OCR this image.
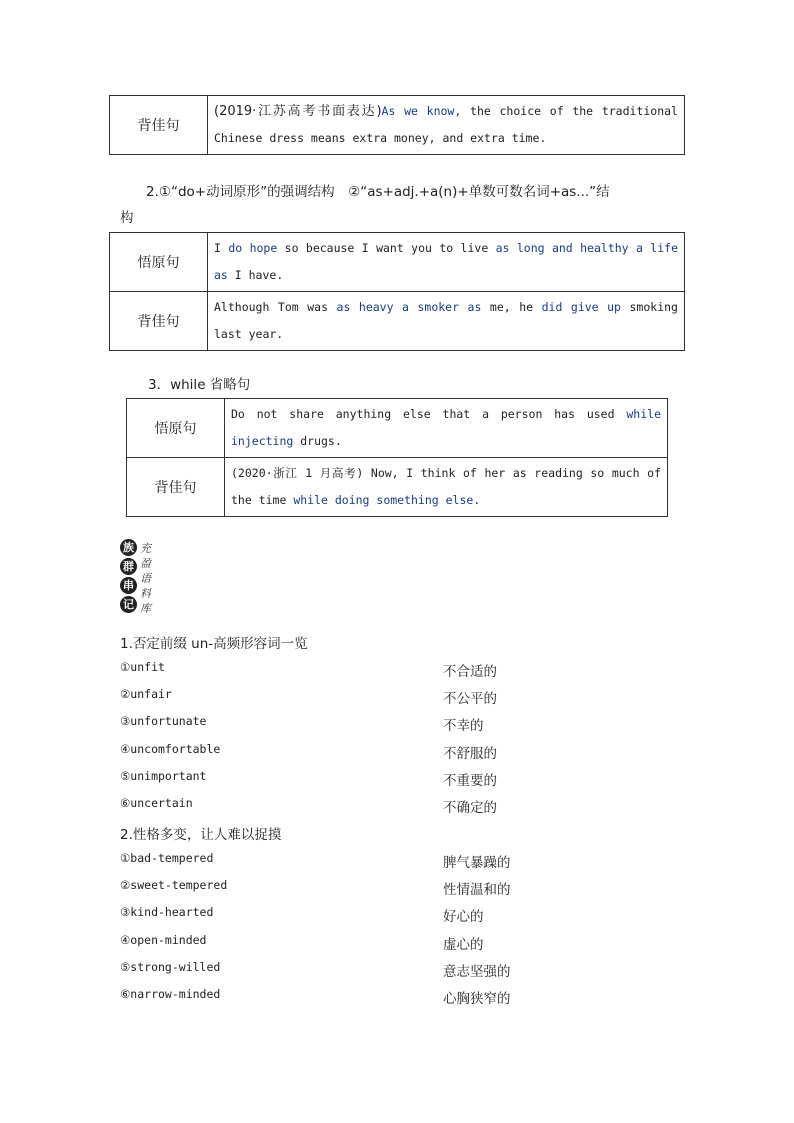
背佳句	(2019·江苏高考书面表达)As we know, the choice of the traditional Chinese dress means extra money, and extra time.
2.①“do+动词原形”的强调结构　②“as+adj.+a(n)+单数可数名词+as...”结
构
悟原句	I do hope so because I want you to live as long and healthy a life as I have.
背佳句	Although Tom was as heavy a smoker as me, he did give up smoking last year.
3．while 省略句
悟原句	Do not share anything else that a person has used while injecting drugs.
背佳句	(2020·浙江 1 月高考) Now, I think of her as reading so much of the time while doing something else.
族
群
串
记
充盈语料库
1.否定前缀 un-高频形容词一览
①unfit	不合适的
②unfair	不公平的
③unfortunate	不幸的
④uncomfortable	不舒服的
⑤unimportant	不重要的
⑥uncertain	不确定的
2.性格多变，让人难以捉摸
①bad-tempered	脾气暴躁的
②sweet-tempered	性情温和的
③kind-hearted	好心的
④open-minded	虚心的
⑤strong-willed	意志坚强的
⑥narrow-minded	心胸狭窄的
